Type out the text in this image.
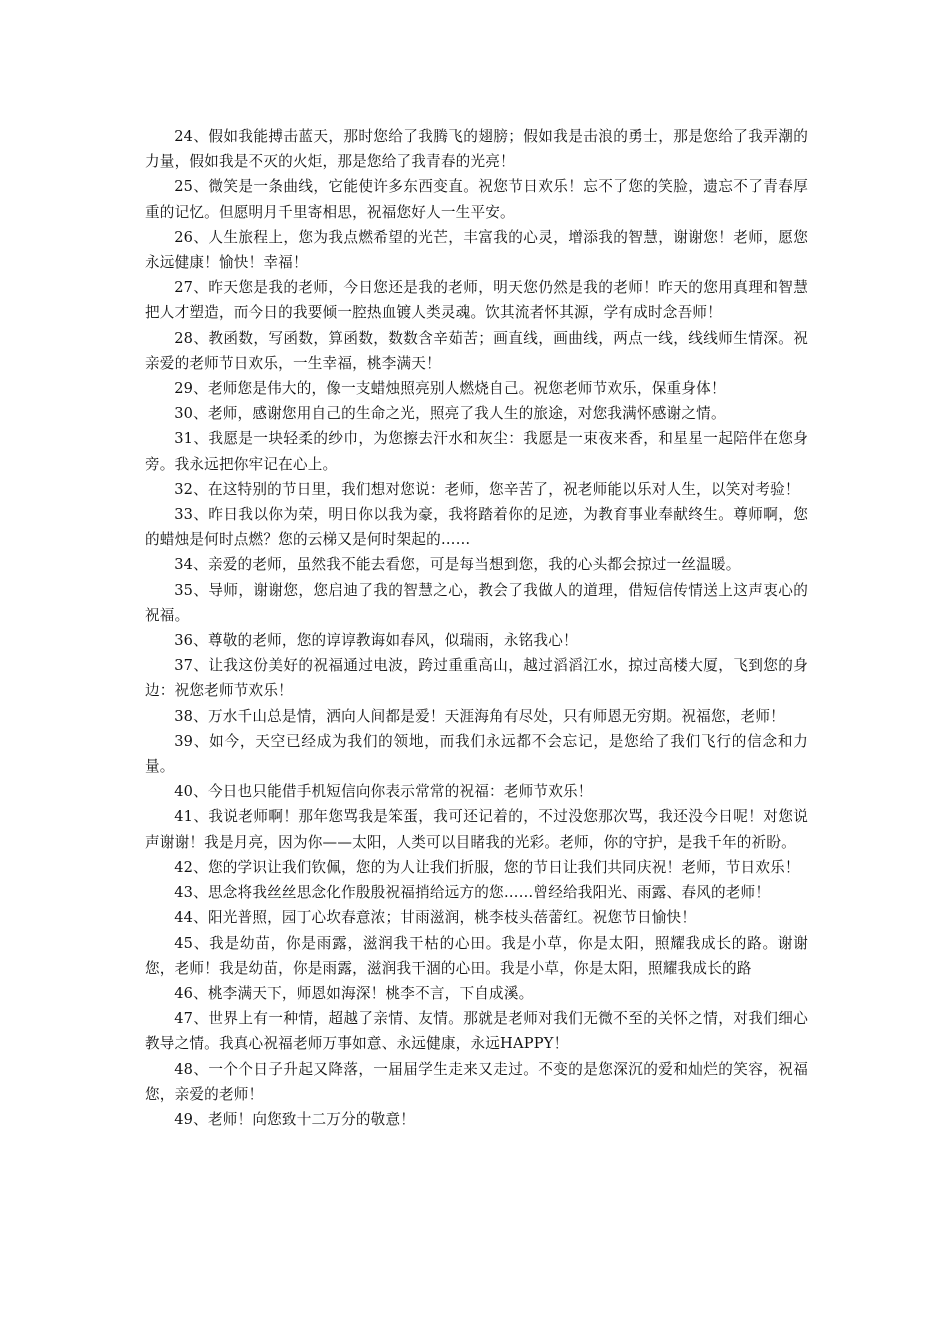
24、假如我能搏击蓝天，那时您给了我腾飞的翅膀；假如我是击浪的勇士，那是您给了我弄潮的力量，假如我是不灭的火炬，那是您给了我青春的光亮！

25、微笑是一条曲线，它能使许多东西变直。祝您节日欢乐！忘不了您的笑脸，遗忘不了青春厚重的记忆。但愿明月千里寄相思，祝福您好人一生平安。

26、人生旅程上，您为我点燃希望的光芒，丰富我的心灵，增添我的智慧，谢谢您！老师，愿您永远健康！愉快！幸福！

27、昨天您是我的老师，今日您还是我的老师，明天您仍然是我的老师！昨天的您用真理和智慧把人才塑造，而今日的我要倾一腔热血镀人类灵魂。饮其流者怀其源，学有成时念吾师！

28、教函数，写函数，算函数，数数含辛茹苦；画直线，画曲线，两点一线，线线师生情深。祝亲爱的老师节日欢乐，一生幸福，桃李满天！

29、老师您是伟大的，像一支蜡烛照亮别人燃烧自己。祝您老师节欢乐，保重身体！

30、老师，感谢您用自己的生命之光，照亮了我人生的旅途，对您我满怀感谢之情。

31、我愿是一块轻柔的纱巾，为您擦去汗水和灰尘：我愿是一束夜来香，和星星一起陪伴在您身旁。我永远把你牢记在心上。

32、在这特别的节日里，我们想对您说：老师，您辛苦了，祝老师能以乐对人生，以笑对考验！

33、昨日我以你为荣，明日你以我为豪，我将踏着你的足迹，为教育事业奉献终生。尊师啊，您的蜡烛是何时点燃？您的云梯又是何时架起的……

34、亲爱的老师，虽然我不能去看您，可是每当想到您，我的心头都会掠过一丝温暖。

35、导师，谢谢您，您启迪了我的智慧之心，教会了我做人的道理，借短信传情送上这声衷心的祝福。

36、尊敬的老师，您的谆谆教诲如春风，似瑞雨，永铭我心！

37、让我这份美好的祝福通过电波，跨过重重高山，越过滔滔江水，掠过高楼大厦，飞到您的身边：祝您老师节欢乐！

38、万水千山总是情，洒向人间都是爱！天涯海角有尽处，只有师恩无穷期。祝福您，老师！

39、如今，天空已经成为我们的领地，而我们永远都不会忘记，是您给了我们飞行的信念和力量。

40、今日也只能借手机短信向你表示常常的祝福：老师节欢乐！

41、我说老师啊！那年您骂我是笨蛋，我可还记着的，不过没您那次骂，我还没今日呢！对您说声谢谢！我是月亮，因为你——太阳，人类可以目睹我的光彩。老师，你的守护，是我千年的祈盼。

42、您的学识让我们钦佩，您的为人让我们折服，您的节日让我们共同庆祝！老师，节日欢乐！

43、思念将我丝丝思念化作殷殷祝福捎给远方的您……曾经给我阳光、雨露、春风的老师！

44、阳光普照，园丁心坎春意浓；甘雨滋润，桃李枝头蓓蕾红。祝您节日愉快！

45、我是幼苗，你是雨露，滋润我干枯的心田。我是小草，你是太阳，照耀我成长的路。谢谢您，老师！我是幼苗，你是雨露，滋润我干涸的心田。我是小草，你是太阳，照耀我成长的路

46、桃李满天下，师恩如海深！桃李不言，下自成溪。

47、世界上有一种情，超越了亲情、友情。那就是老师对我们无微不至的关怀之情，对我们细心教导之情。我真心祝福老师万事如意、永远健康，永远HAPPY！

48、一个个日子升起又降落，一届届学生走来又走过。不变的是您深沉的爱和灿烂的笑容，祝福您，亲爱的老师！

49、老师！向您致十二万分的敬意！
